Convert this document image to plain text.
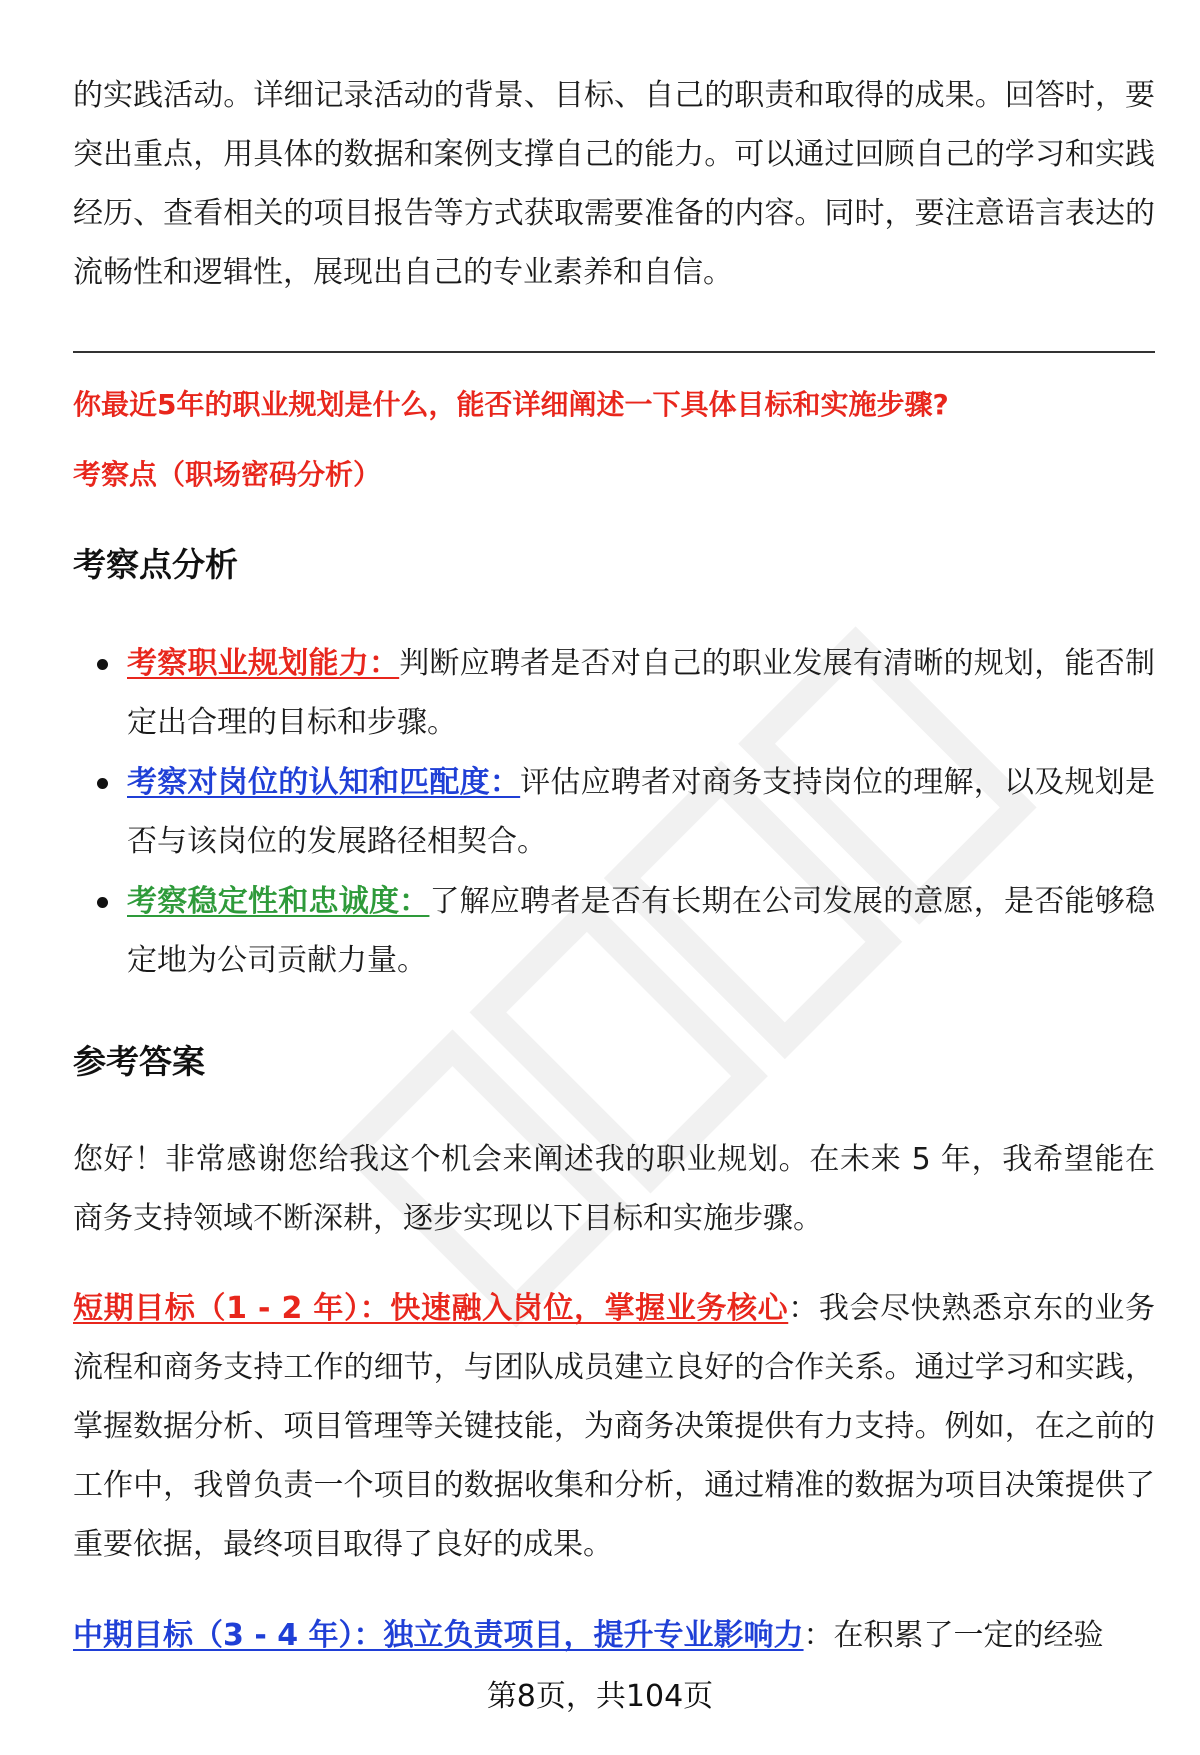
的实践活动。详细记录活动的背景、目标、自己的职责和取得的成果。回答时，要突出重点，用具体的数据和案例支撑自己的能力。可以通过回顾自己的学习和实践经历、查看相关的项目报告等方式获取需要准备的内容。同时，要注意语言表达的流畅性和逻辑性，展现出自己的专业素养和自信。

你最近5年的职业规划是什么，能否详细阐述一下具体目标和实施步骤?
考察点（职场密码分析）
考察点分析
考察职业规划能力：判断应聘者是否对自己的职业发展有清晰的规划，能否制定出合理的目标和步骤。
考察对岗位的认知和匹配度：评估应聘者对商务支持岗位的理解，以及规划是否与该岗位的发展路径相契合。
考察稳定性和忠诚度：了解应聘者是否有长期在公司发展的意愿，是否能够稳定地为公司贡献力量。
参考答案

您好！非常感谢您给我这个机会来阐述我的职业规划。在未来 5 年，我希望能在商务支持领域不断深耕，逐步实现以下目标和实施步骤。

短期目标（1 - 2 年）：快速融入岗位，掌握业务核心：我会尽快熟悉京东的业务流程和商务支持工作的细节，与团队成员建立良好的合作关系。通过学习和实践，掌握数据分析、项目管理等关键技能，为商务决策提供有力支持。例如，在之前的工作中，我曾负责一个项目的数据收集和分析，通过精准的数据为项目决策提供了重要依据，最终项目取得了良好的成果。

中期目标（3 - 4 年）：独立负责项目，提升专业影响力：在积累了一定的经验

第8页，共104页
